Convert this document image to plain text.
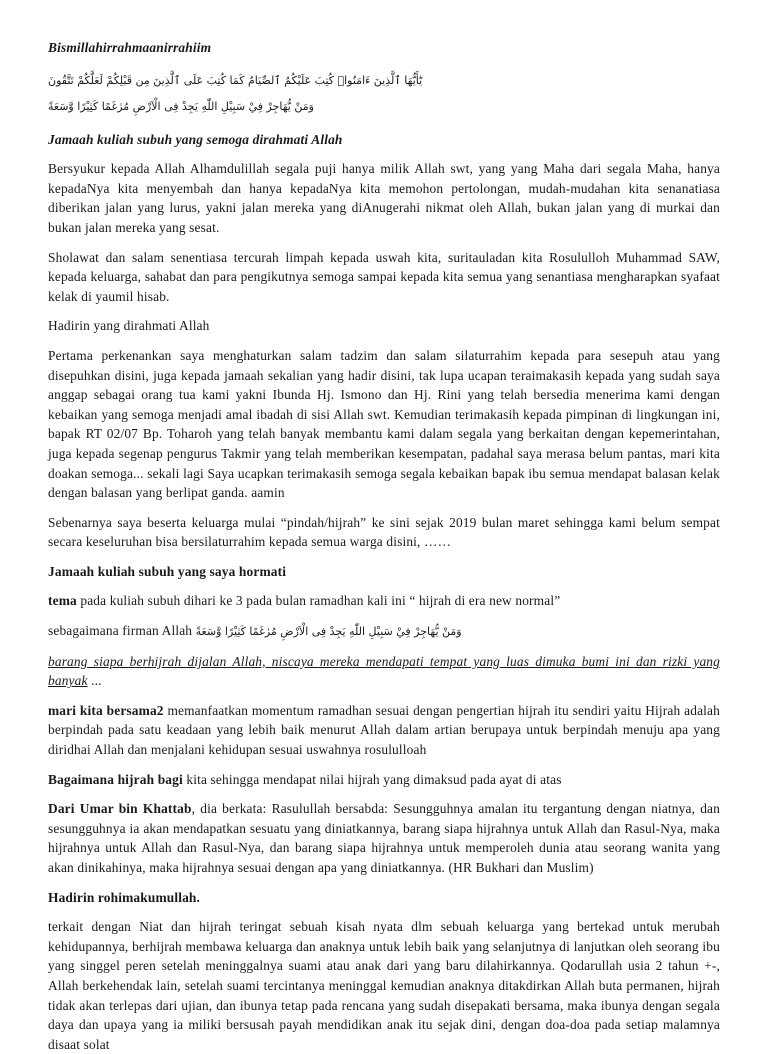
Bismillahirrahmaanirrahiim

يَٰٓأَيُّهَا ٱلَّذِينَ ءَامَنُوا۟ كُتِبَ عَلَيْكُمُ ٱلصِّيَامُ كَمَا كُتِبَ عَلَى ٱلَّذِينَ مِن قَبْلِكُمْ لَعَلَّكُمْ تَتَّقُونَ

وَمَنْ يُّهَاجِرْ فِيْ سَبِيْلِ اللّٰهِ يَجِدْ فِى الْاَرْضِ مُرٰغَمًا كَثِيْرًا وَّسَعَةً

Jamaah kuliah subuh yang semoga dirahmati Allah

Bersyukur kepada Allah Alhamdulillah segala puji hanya milik Allah swt, yang yang Maha dari segala Maha, hanya kepadaNya kita menyembah dan hanya kepadaNya kita memohon pertolongan, mudah-mudahan kita senanatiasa diberikan jalan yang lurus, yakni jalan mereka yang diAnugerahi nikmat oleh Allah, bukan jalan yang di murkai dan bukan jalan mereka yang sesat.

Sholawat dan salam senentiasa tercurah limpah kepada uswah kita, suritauladan kita Rosululloh Muhammad SAW, kepada keluarga, sahabat dan para pengikutnya semoga sampai kepada kita semua yang senantiasa mengharapkan syafaat kelak di yaumil hisab.

Hadirin yang dirahmati Allah

Pertama perkenankan saya menghaturkan salam tadzim dan salam silaturrahim kepada para sesepuh atau yang disepuhkan disini, juga kepada jamaah sekalian yang hadir disini, tak lupa ucapan teraimakasih kepada yang sudah saya anggap sebagai orang tua kami yakni Ibunda Hj. Ismono dan Hj. Rini yang telah bersedia menerima kami dengan kebaikan yang semoga menjadi amal ibadah di sisi Allah swt. Kemudian terimakasih kepada pimpinan di lingkungan ini, bapak RT 02/07 Bp. Toharoh yang telah banyak membantu kami dalam segala yang berkaitan dengan kepemerintahan, juga kepada segenap pengurus Takmir yang telah memberikan kesempatan, padahal saya merasa belum pantas, mari kita doakan semoga... sekali lagi Saya ucapkan terimakasih semoga segala kebaikan bapak ibu semua mendapat balasan kelak dengan balasan yang berlipat ganda. aamin

Sebenarnya saya beserta keluarga mulai “pindah/hijrah” ke sini sejak 2019 bulan maret sehingga kami belum sempat secara keseluruhan bisa bersilaturrahim kepada semua warga disini, ……

Jamaah kuliah subuh yang saya hormati

tema pada kuliah subuh dihari ke 3 pada bulan ramadhan kali ini “ hijrah di era new normal”

sebagaimana firman Allah وَمَنْ يُّهَاجِرْ فِيْ سَبِيْلِ اللّٰهِ يَجِدْ فِى الْاَرْضِ مُرٰغَمًا كَثِيْرًا وَّسَعَةً

barang siapa berhijrah dijalan Allah, niscaya mereka mendapati tempat yang luas dimuka bumi ini dan rizki yang banyak ...

mari kita bersama2 memanfaatkan momentum ramadhan sesuai dengan pengertian hijrah itu sendiri yaitu Hijrah adalah berpindah pada satu keadaan yang lebih baik menurut Allah dalam artian berupaya untuk berpindah menuju apa yang diridhai Allah dan menjalani kehidupan sesuai uswahnya rosululloah

Bagaimana hijrah bagi kita sehingga mendapat nilai hijrah yang dimaksud pada ayat di atas

Dari Umar bin Khattab, dia berkata: Rasulullah bersabda: Sesungguhnya amalan itu tergantung dengan niatnya, dan sesungguhnya ia akan mendapatkan sesuatu yang diniatkannya, barang siapa hijrahnya untuk Allah dan Rasul-Nya, maka hijrahnya untuk Allah dan Rasul-Nya, dan barang siapa hijrahnya untuk memperoleh dunia atau seorang wanita yang akan dinikahinya, maka hijrahnya sesuai dengan apa yang diniatkannya. (HR Bukhari dan Muslim)

Hadirin rohimakumullah.

terkait dengan Niat dan hijrah teringat sebuah kisah nyata dlm sebuah keluarga yang bertekad untuk merubah kehidupannya, berhijrah membawa keluarga dan anaknya untuk lebih baik yang selanjutnya di lanjutkan oleh seorang ibu yang singgel peren setelah meninggalnya suami atau anak dari yang baru dilahirkannya. Qodarullah usia 2 tahun +-, Allah berkehendak lain, setelah suami tercintanya meninggal kemudian anaknya ditakdirkan Allah buta permanen, hijrah tidak akan terlepas dari ujian, dan ibunya tetap pada rencana yang sudah disepakati bersama, maka ibunya dengan segala daya dan upaya yang ia miliki bersusah payah mendidikan anak itu sejak dini, dengan doa-doa pada setiap malamnya disaat solat
